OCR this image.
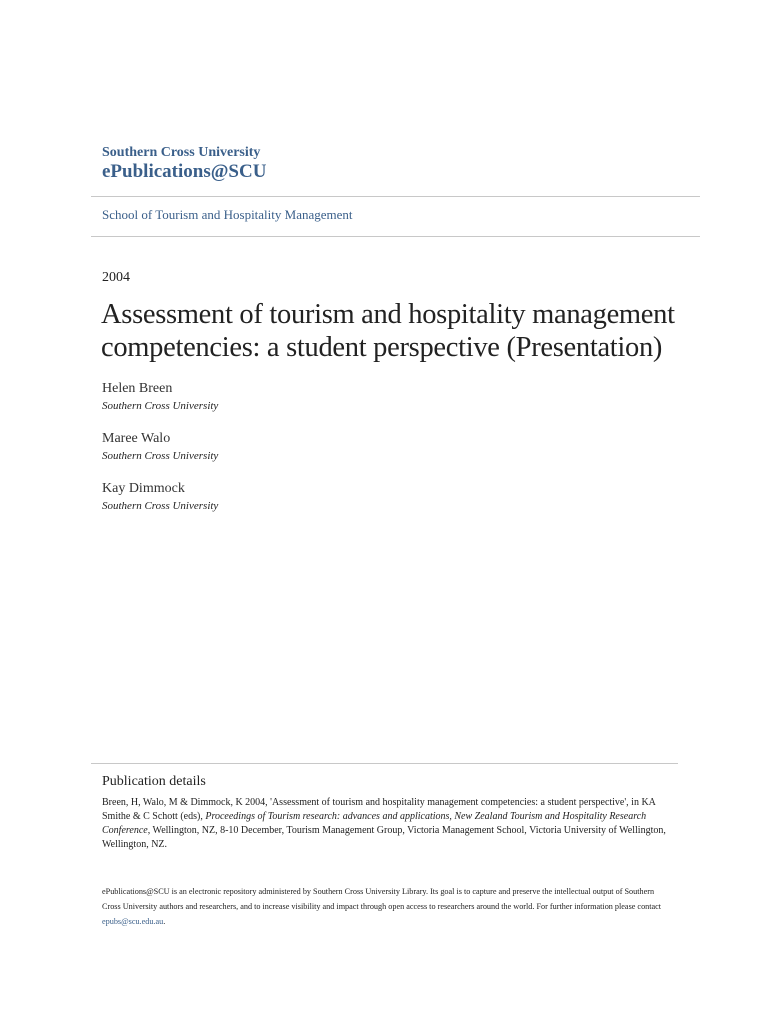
Southern Cross University
ePublications@SCU
School of Tourism and Hospitality Management
2004
Assessment of tourism and hospitality management competencies: a student perspective (Presentation)
Helen Breen
Southern Cross University
Maree Walo
Southern Cross University
Kay Dimmock
Southern Cross University
Publication details
Breen, H, Walo, M & Dimmock, K 2004, 'Assessment of tourism and hospitality management competencies: a student perspective', in KA Smithe & C Schott (eds), Proceedings of Tourism research: advances and applications, New Zealand Tourism and Hospitality Research Conference, Wellington, NZ, 8-10 December, Tourism Management Group, Victoria Management School, Victoria University of Wellington, Wellington, NZ.
ePublications@SCU is an electronic repository administered by Southern Cross University Library. Its goal is to capture and preserve the intellectual output of Southern Cross University authors and researchers, and to increase visibility and impact through open access to researchers around the world. For further information please contact epubs@scu.edu.au.
